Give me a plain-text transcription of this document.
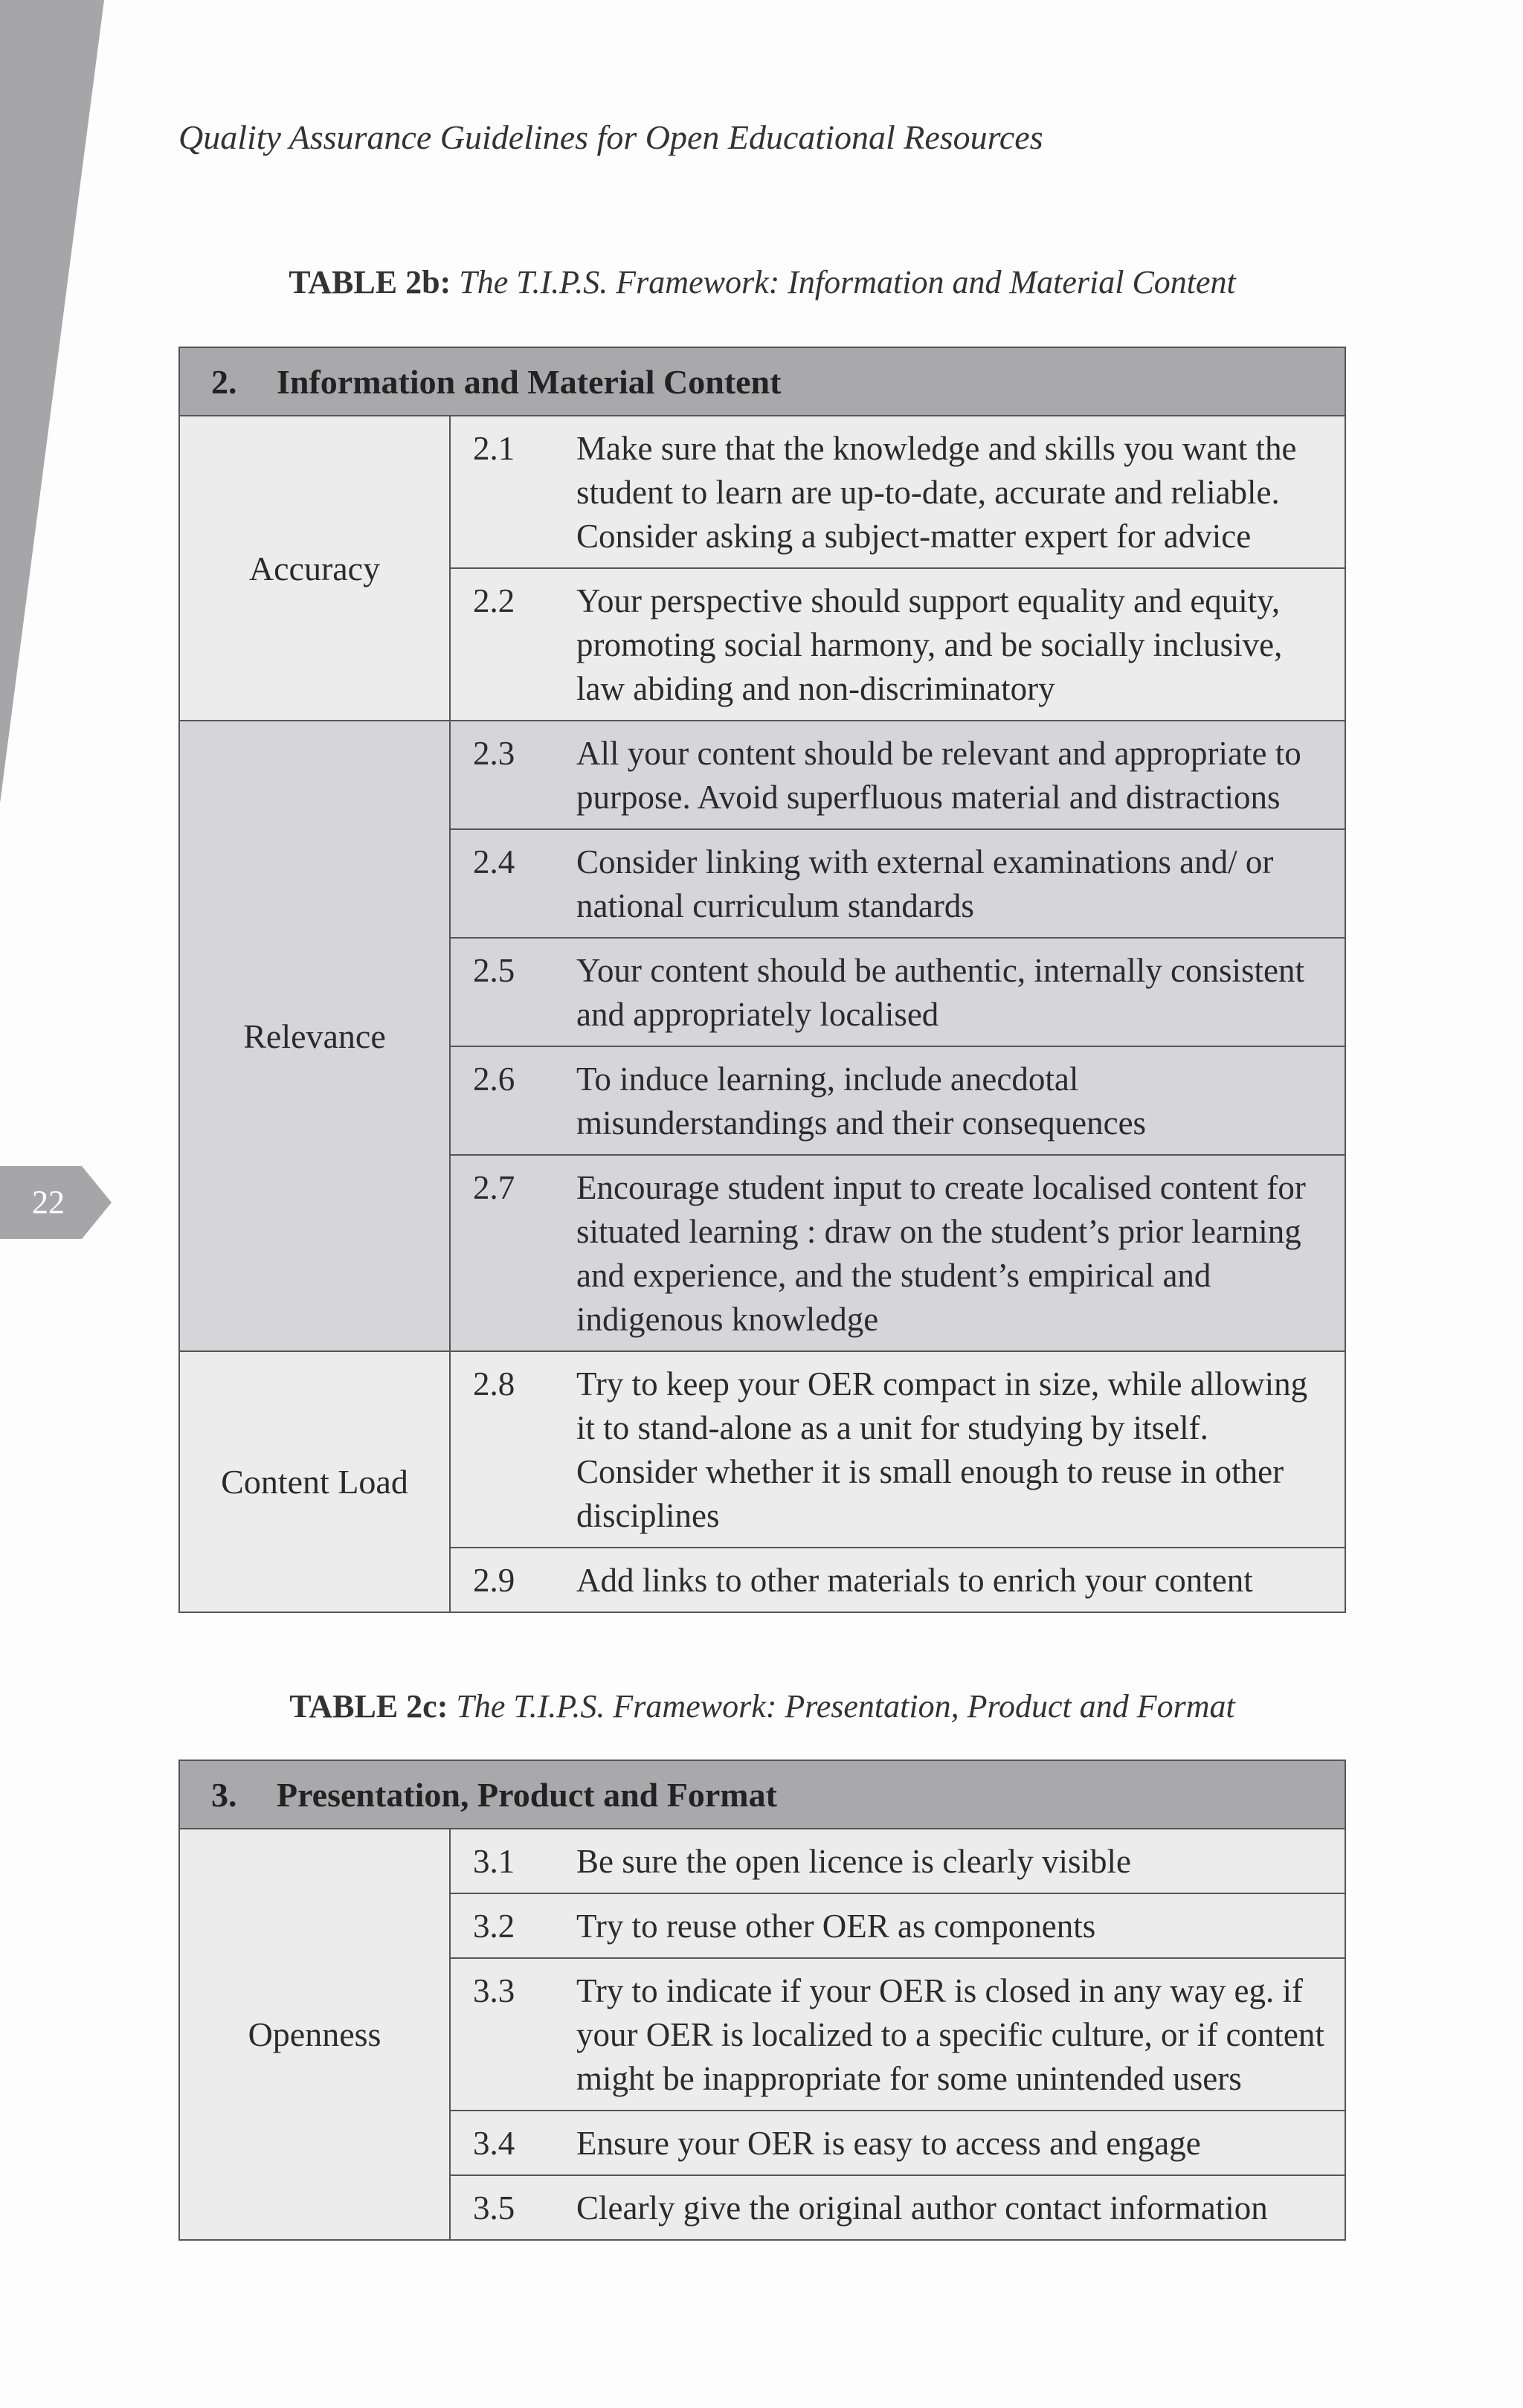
22
Quality Assurance Guidelines for Open Educational Resources
TABLE 2b: The T.I.P.S. Framework: Information and Material Content
2. Information and Material Content		
Accuracy	2.1	Make sure that the knowledge and skills you want the student to learn are up-to-date, accurate and reliable. Consider asking a subject-matter expert for advice
	2.2	Your perspective should support equality and equity, promoting social harmony, and be socially inclusive, law abiding and non-discriminatory
Relevance	2.3	All your content should be relevant and appropriate to purpose. Avoid superfluous material and distractions
	2.4	Consider linking with external examinations and/ or national curriculum standards
	2.5	Your content should be authentic, internally consistent and appropriately localised
	2.6	To induce learning, include anecdotal misunderstandings and their consequences
	2.7	Encourage student input to create localised content for situated learning : draw on the student’s prior learning and experience, and the student’s empirical and indigenous knowledge
Content Load	2.8	Try to keep your OER compact in size, while allowing it to stand-alone as a unit for studying by itself. Consider whether it is small enough to reuse in other disciplines
	2.9	Add links to other materials to enrich your content
TABLE 2c: The T.I.P.S. Framework: Presentation, Product and Format
3. Presentation, Product and Format		
Openness	3.1	Be sure the open licence is clearly visible
	3.2	Try to reuse other OER as components
	3.3	Try to indicate if your OER is closed in any way eg. if your OER is localized to a specific culture, or if content might be inappropriate for some unintended users
	3.4	Ensure your OER is easy to access and engage
	3.5	Clearly give the original author contact information
